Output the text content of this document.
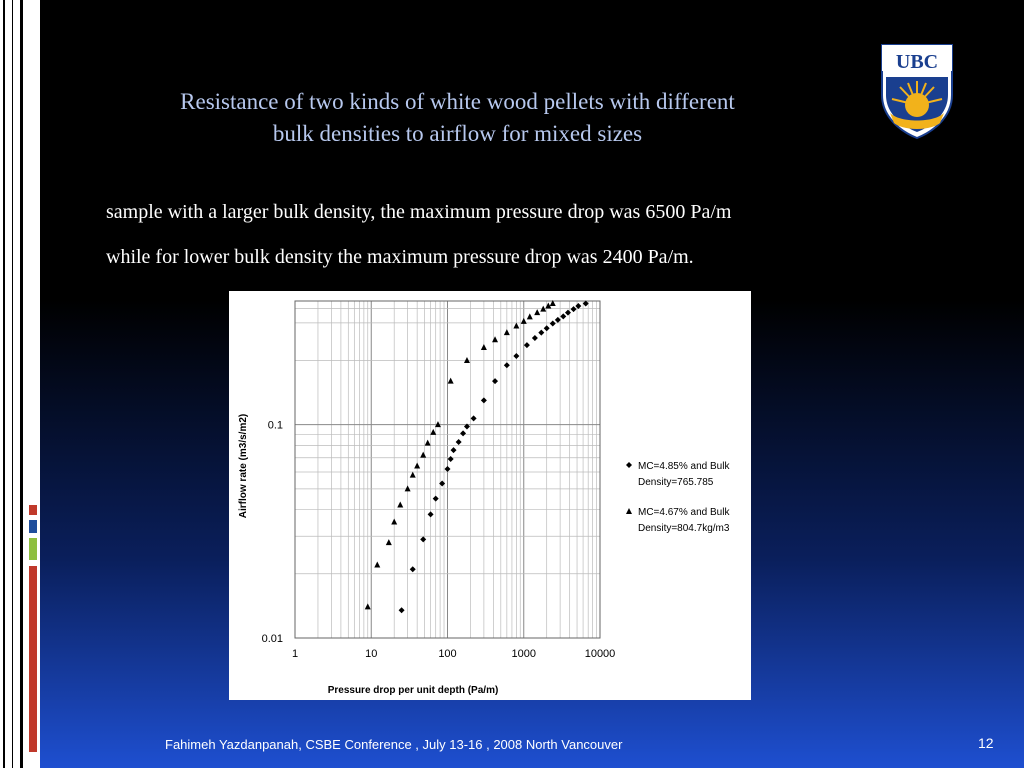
Resistance of two kinds of white wood pellets with different
bulk densities to airflow for mixed sizes
UBC
sample with a larger bulk density, the maximum pressure drop was 6500 Pa/m
while for lower bulk density the maximum pressure drop was 2400 Pa/m.
1	10	100	1000	10000
0.1
0.01
Airflow rate (m3/s/m2)
Pressure drop per unit depth (Pa/m)
MC=4.85% and Bulk
Density=765.785
MC=4.67% and Bulk
Density=804.7kg/m3
Fahimeh Yazdanpanah, CSBE Conference , July 13-16 , 2008 North Vancouver	12
